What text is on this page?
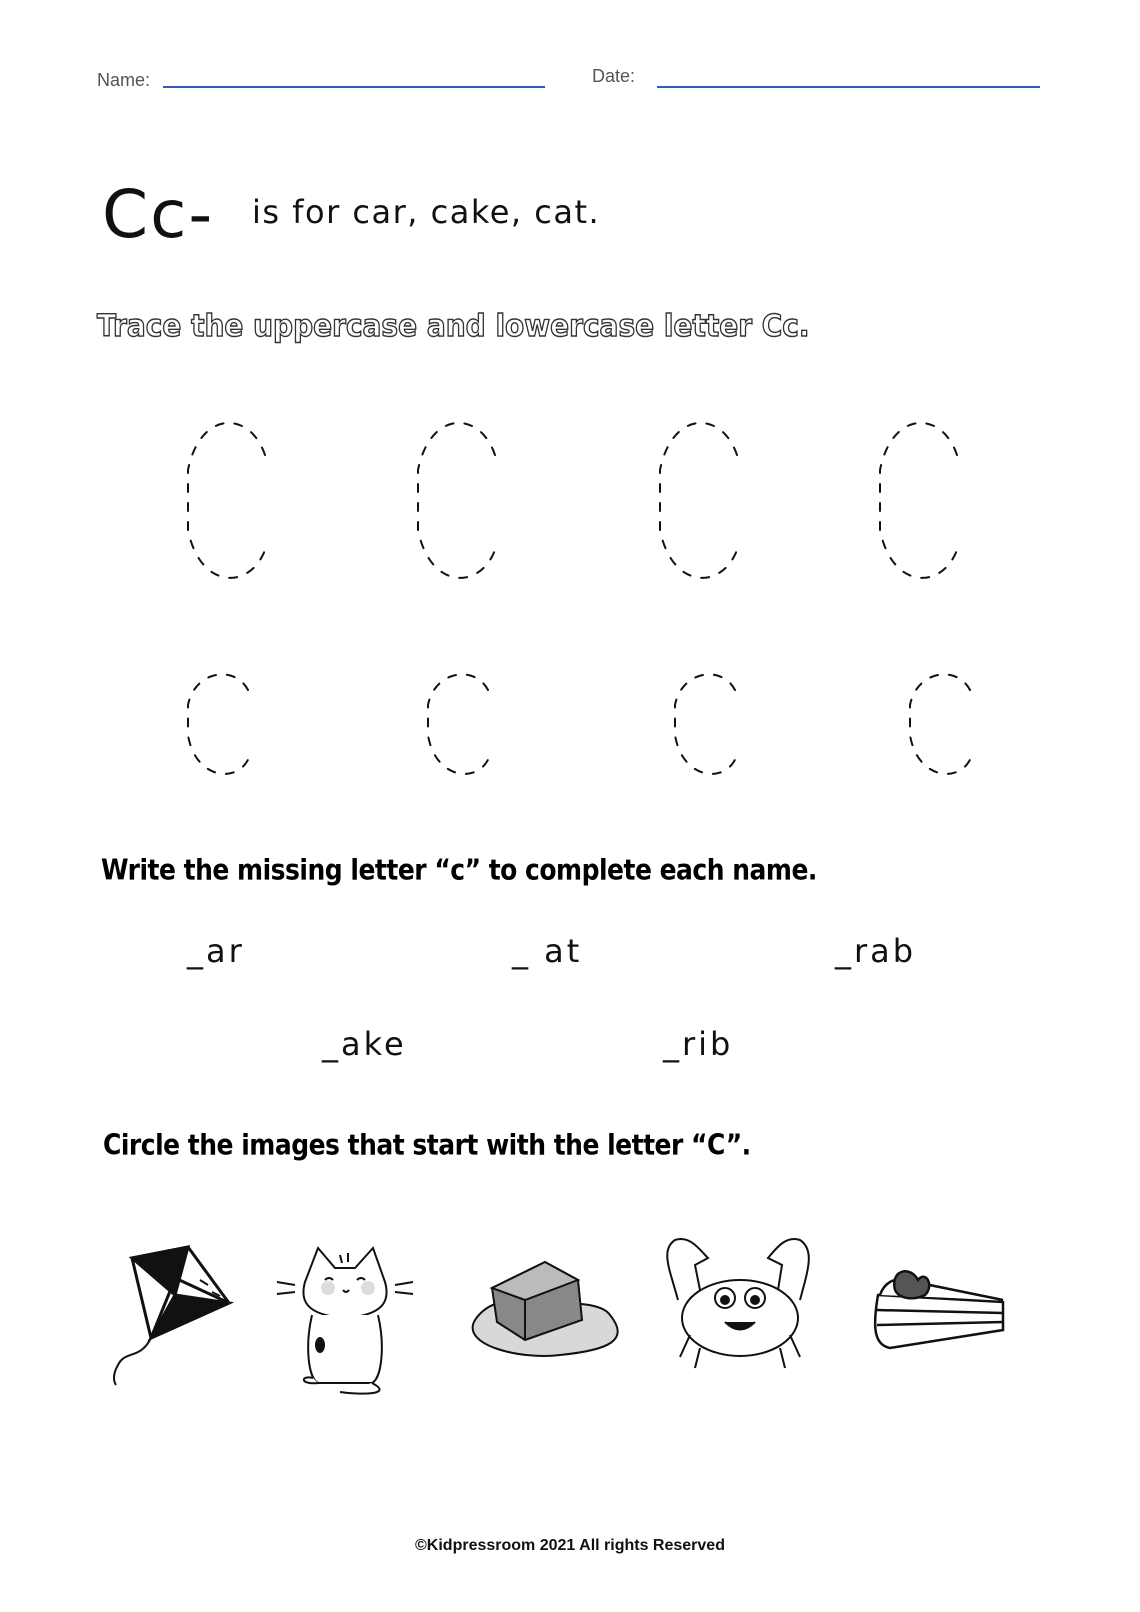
Name:	Date:
Cc- is for car, cake, cat.
Trace the uppercase and lowercase letter Cc.
Write the missing letter “c” to complete each name.
_ar	_ at	_rab
_ake	_rib
Circle the images that start with the letter “C”.
©Kidpressroom 2021 All rights Reserved
